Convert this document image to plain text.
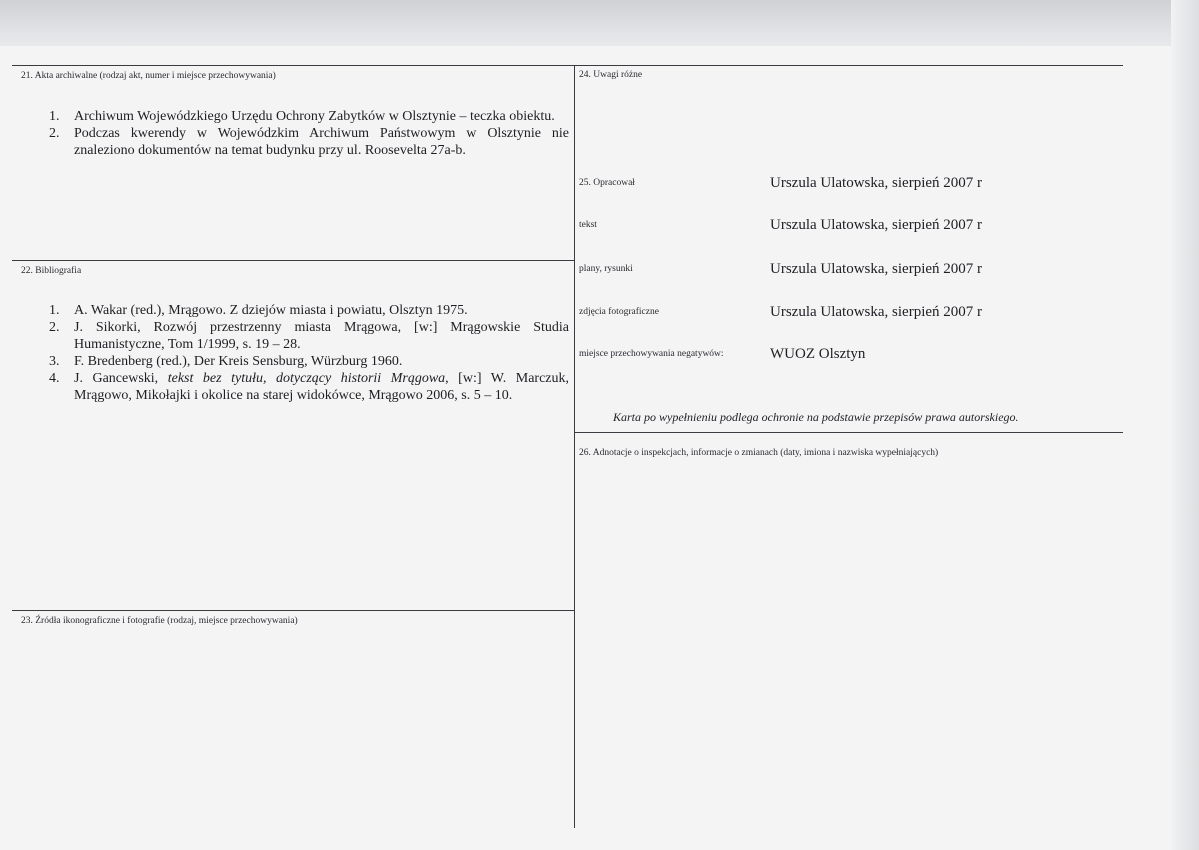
21. Akta archiwalne (rodzaj akt, numer i miejsce przechowywania)
1. Archiwum Wojewódzkiego Urzędu Ochrony Zabytków w Olsztynie – teczka obiektu.
2. Podczas kwerendy w Wojewódzkim Archiwum Państwowym w Olsztynie nie znaleziono dokumentów na temat budynku przy ul. Roosevelta 27a-b.
22. Bibliografia
1. A. Wakar (red.), Mrągowo. Z dziejów miasta i powiatu, Olsztyn 1975.
2. J. Sikorki, Rozwój przestrzenny miasta Mrągowa, [w:] Mrągowskie Studia Humanistyczne, Tom 1/1999, s. 19 – 28.
3. F. Bredenberg (red.), Der Kreis Sensburg, Würzburg 1960.
4. J. Gancewski, tekst bez tytułu, dotyczący historii Mrągowa, [w:] W. Marczuk, Mrągowo, Mikołajki i okolice na starej widokówce, Mrągowo 2006, s. 5 – 10.
23. Źródła ikonograficzne i fotografie (rodzaj, miejsce przechowywania)
24. Uwagi różne
25. Opracował	Urszula Ulatowska, sierpień 2007 r
tekst	Urszula Ulatowska, sierpień 2007 r
plany, rysunki	Urszula Ulatowska, sierpień 2007 r
zdjęcia fotograficzne	Urszula Ulatowska, sierpień 2007 r
miejsce przechowywania negatywów:	WUOZ Olsztyn
Karta po wypełnieniu podlega ochronie na podstawie przepisów prawa autorskiego.
26. Adnotacje o inspekcjach, informacje o zmianach (daty, imiona i nazwiska wypełniających)
